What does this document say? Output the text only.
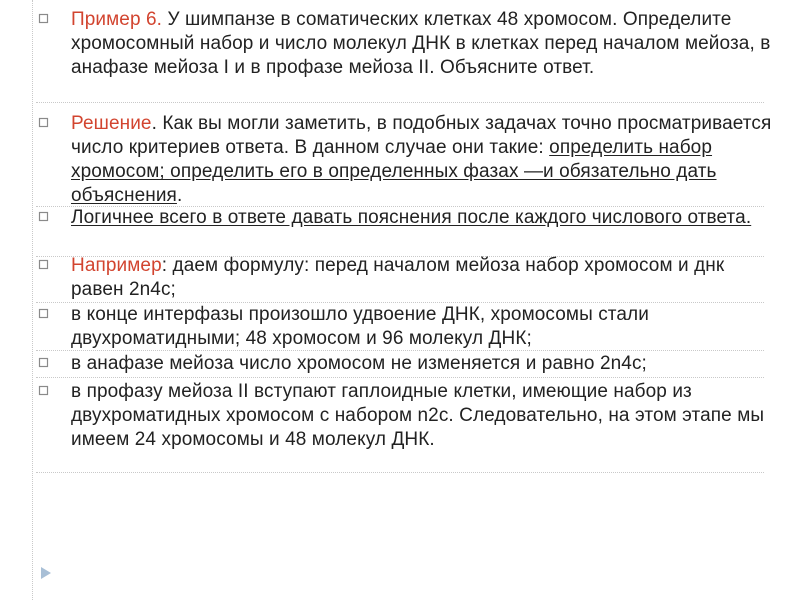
Пример 6. У шимпанзе в соматических клетках 48 хромосом. Определите хромосомный набор и число молекул ДНК в клетках перед началом мейоза, в анафазе мейоза I и в профазе мейоза II. Объясните ответ.
Решение. Как вы могли заметить, в подобных задачах точно просматривается число критериев ответа. В данном случае они такие: определить набор хромосом; определить его в определенных фазах —и обязательно дать объяснения.
Логичнее всего в ответе давать пояснения после каждого числового ответа.
Например: даем формулу: перед началом мейоза набор хромосом и днк равен 2n4c;
в конце интерфазы произошло удвоение ДНК, хромосомы стали двухроматидными; 48 хромосом и 96 молекул ДНК;
в анафазе мейоза число хромосом не изменяется и равно 2n4c;
в профазу мейоза II вступают гаплоидные клетки, имеющие набор из двухроматидных хромосом с набором n2c. Следовательно, на этом этапе мы имеем 24 хромосомы и 48 молекул ДНК.
